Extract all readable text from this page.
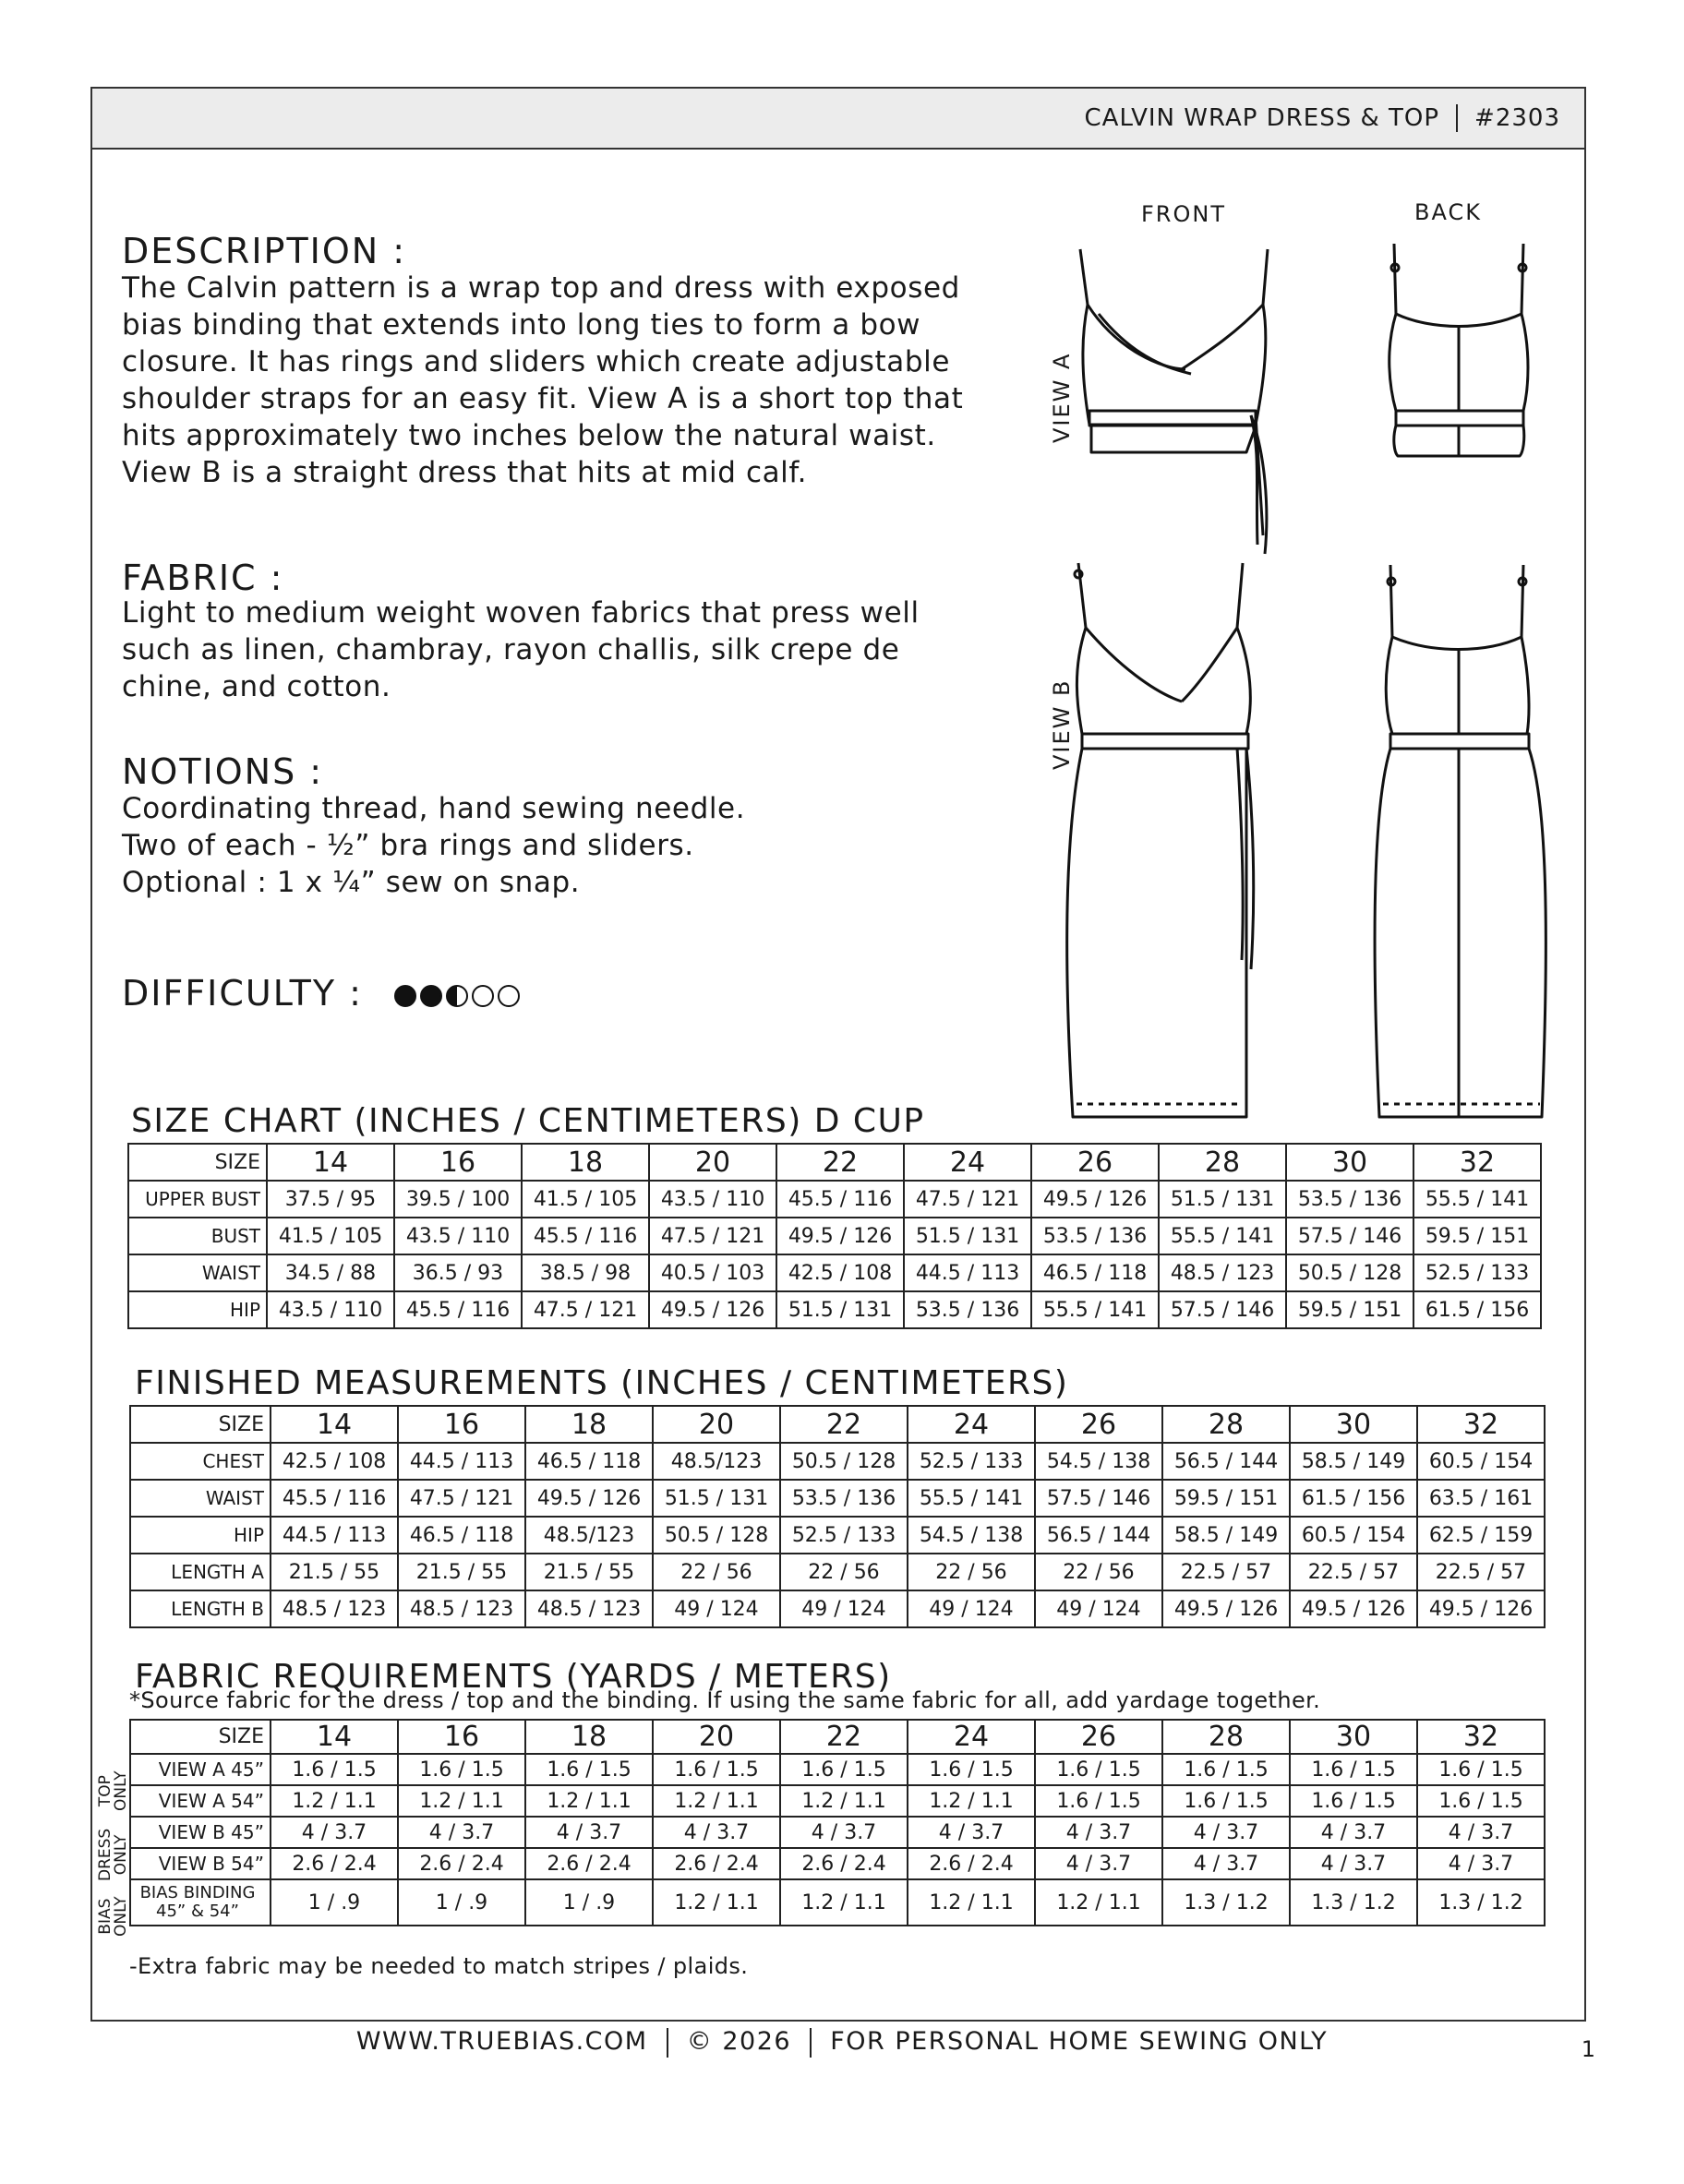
CALVIN WRAP DRESS & TOP #2303
DESCRIPTION :
The Calvin pattern is a wrap top and dress with exposed
bias binding that extends into long ties to form a bow
closure. It has rings and sliders which create adjustable
shoulder straps for an easy fit. View A is a short top that
hits approximately two inches below the natural waist.
View B is a straight dress that hits at mid calf.
FABRIC :
Light to medium weight woven fabrics that press well
such as linen, chambray, rayon challis, silk crepe de
chine, and cotton.
NOTIONS :
Coordinating thread, hand sewing needle.
Two of each - ½” bra rings and sliders.
Optional : 1 x ¼” sew on snap.
DIFFICULTY :
FRONT	BACK
VIEW A
VIEW B
SIZE CHART (INCHES / CENTIMETERS) D CUP
SIZE	14	16	18	20	22	24	26	28	30	32
UPPER BUST	37.5 / 95	39.5 / 100	41.5 / 105	43.5 / 110	45.5 / 116	47.5 / 121	49.5 / 126	51.5 / 131	53.5 / 136	55.5 / 141
BUST	41.5 / 105	43.5 / 110	45.5 / 116	47.5 / 121	49.5 / 126	51.5 / 131	53.5 / 136	55.5 / 141	57.5 / 146	59.5 / 151
WAIST	34.5 / 88	36.5 / 93	38.5 / 98	40.5 / 103	42.5 / 108	44.5 / 113	46.5 / 118	48.5 / 123	50.5 / 128	52.5 / 133
HIP	43.5 / 110	45.5 / 116	47.5 / 121	49.5 / 126	51.5 / 131	53.5 / 136	55.5 / 141	57.5 / 146	59.5 / 151	61.5 / 156
FINISHED MEASUREMENTS (INCHES / CENTIMETERS)
SIZE	14	16	18	20	22	24	26	28	30	32
CHEST	42.5 / 108	44.5 / 113	46.5 / 118	48.5/123	50.5 / 128	52.5 / 133	54.5 / 138	56.5 / 144	58.5 / 149	60.5 / 154
WAIST	45.5 / 116	47.5 / 121	49.5 / 126	51.5 / 131	53.5 / 136	55.5 / 141	57.5 / 146	59.5 / 151	61.5 / 156	63.5 / 161
HIP	44.5 / 113	46.5 / 118	48.5/123	50.5 / 128	52.5 / 133	54.5 / 138	56.5 / 144	58.5 / 149	60.5 / 154	62.5 / 159
LENGTH A	21.5 / 55	21.5 / 55	21.5 / 55	22 / 56	22 / 56	22 / 56	22 / 56	22.5 / 57	22.5 / 57	22.5 / 57
LENGTH B	48.5 / 123	48.5 / 123	48.5 / 123	49 / 124	49 / 124	49 / 124	49 / 124	49.5 / 126	49.5 / 126	49.5 / 126
FABRIC REQUIREMENTS (YARDS / METERS)
*Source fabric for the dress / top and the binding. If using the same fabric for all, add yardage together.
SIZE	14	16	18	20	22	24	26	28	30	32
VIEW A 45”	1.6 / 1.5	1.6 / 1.5	1.6 / 1.5	1.6 / 1.5	1.6 / 1.5	1.6 / 1.5	1.6 / 1.5	1.6 / 1.5	1.6 / 1.5	1.6 / 1.5
VIEW A 54”	1.2 / 1.1	1.2 / 1.1	1.2 / 1.1	1.2 / 1.1	1.2 / 1.1	1.2 / 1.1	1.6 / 1.5	1.6 / 1.5	1.6 / 1.5	1.6 / 1.5
VIEW B 45”	4 / 3.7	4 / 3.7	4 / 3.7	4 / 3.7	4 / 3.7	4 / 3.7	4 / 3.7	4 / 3.7	4 / 3.7	4 / 3.7
VIEW B 54”	2.6 / 2.4	2.6 / 2.4	2.6 / 2.4	2.6 / 2.4	2.6 / 2.4	2.6 / 2.4	4 / 3.7	4 / 3.7	4 / 3.7	4 / 3.7
BIAS BINDING 45” & 54”	1 / .9	1 / .9	1 / .9	1.2 / 1.1	1.2 / 1.1	1.2 / 1.1	1.2 / 1.1	1.3 / 1.2	1.3 / 1.2	1.3 / 1.2
TOP
ONLY
DRESS
ONLY
BIAS
ONLY
-Extra fabric may be needed to match stripes / plaids.
WWW.TRUEBIAS.COM © 2026 FOR PERSONAL HOME SEWING ONLY	1
